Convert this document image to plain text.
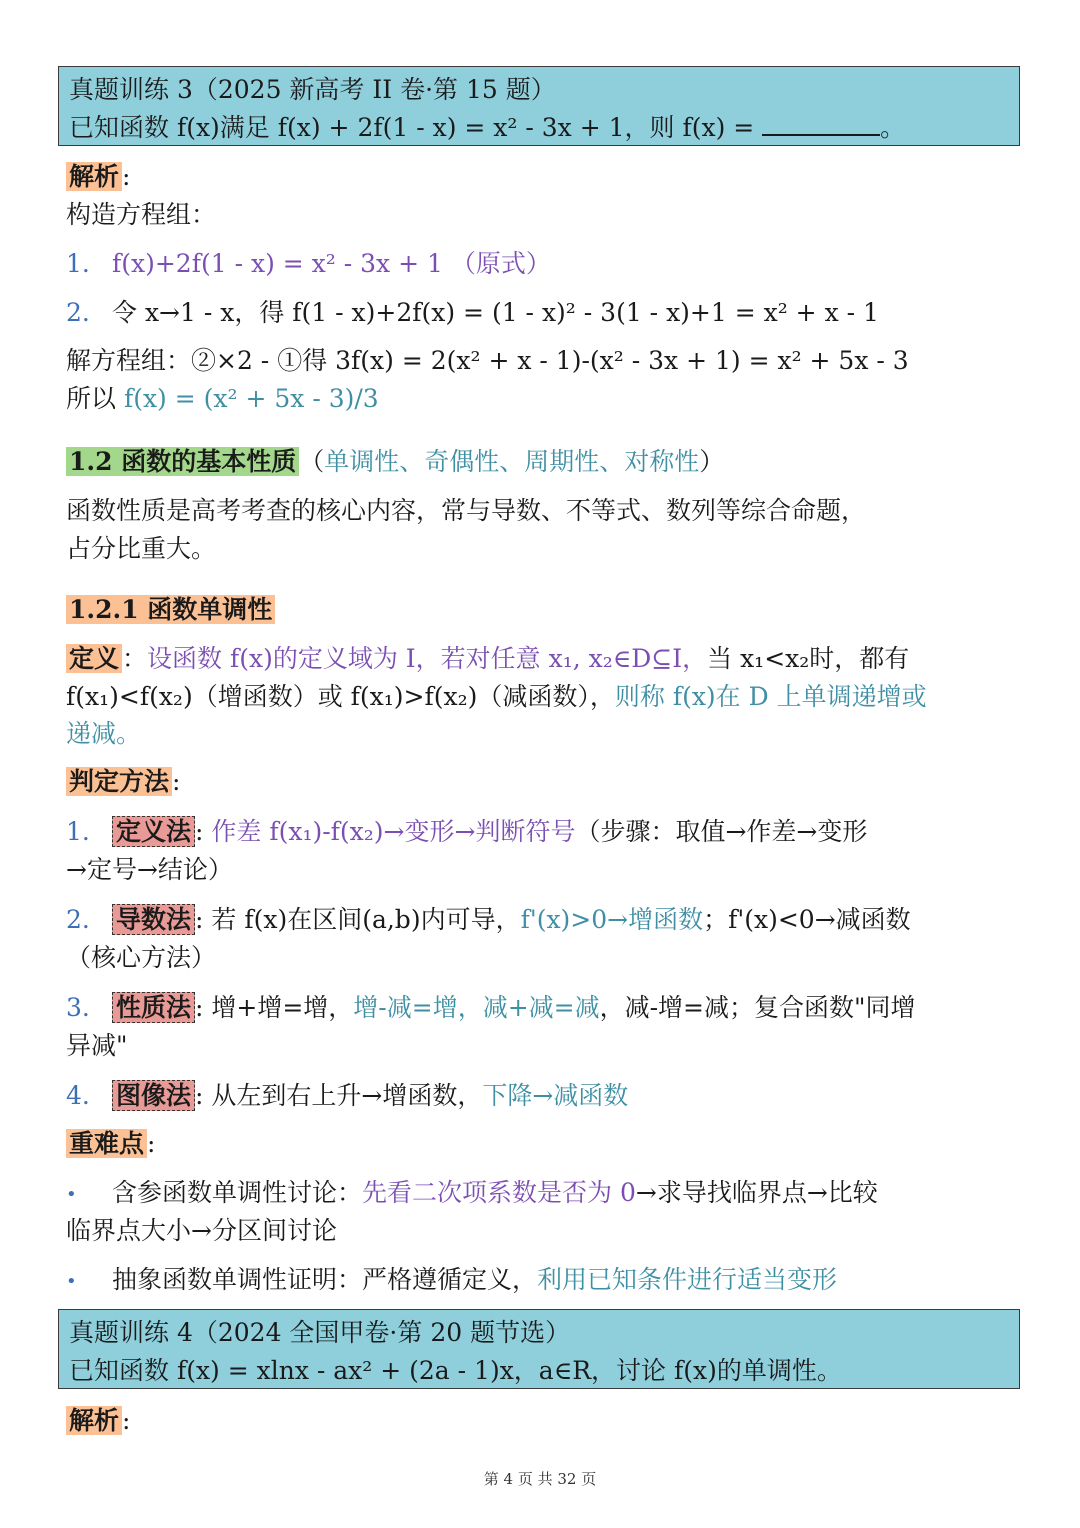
真题训练 3（2025 新高考 II 卷·第 15 题）
已知函数 f(x)满足 f(x) + 2f(1 - x) = x² - 3x + 1，则 f(x) =	。
解析 :
构造方程组：
1. f(x)+2f(1 - x) = x² - 3x + 1 （原式）
2. 令 x→1 - x，得 f(1 - x)+2f(x) = (1 - x)² - 3(1 - x)+1 = x² + x - 1
解方程组：②×2 - ①得 3f(x) = 2(x² + x - 1)-(x² - 3x + 1) = x² + 5x - 3
所以 f(x) = (x² + 5x - 3)/3
1.2 函数的基本性质 （单调性、奇偶性、周期性、对称性）
函数性质是高考考查的核心内容，常与导数、不等式、数列等综合命题，
占分比重大。
1.2.1 函数单调性
定义 ：设函数 f(x)的定义域为 I，若对任意 x₁, x₂∈D⊆I，当 x₁<x₂时，都有
f(x₁)<f(x₂)（增函数）或 f(x₁)>f(x₂)（减函数），则称 f(x)在 D 上单调递增或
递减。
判定方法 :
1. 定义法 : 作差 f(x₁)-f(x₂)→变形→判断符号（步骤：取值→作差→变形
→定号→结论）
2. 导数法 : 若 f(x)在区间(a,b)内可导，f'(x)>0→增函数；f'(x)<0→减函数
（核心方法）
3. 性质法 : 增+增=增，增-减=增，减+减=减，减-增=减；复合函数"同增
异减"
4. 图像法 : 从左到右上升→增函数，下降→减函数
重难点 :
• 含参函数单调性讨论：先看二次项系数是否为 0→求导找临界点→比较
临界点大小→分区间讨论
• 抽象函数单调性证明：严格遵循定义，利用已知条件进行适当变形
真题训练 4（2024 全国甲卷·第 20 题节选）
已知函数 f(x) = xlnx - ax² + (2a - 1)x，a∈R，讨论 f(x)的单调性。
解析 :
第 4 页 共 32 页
